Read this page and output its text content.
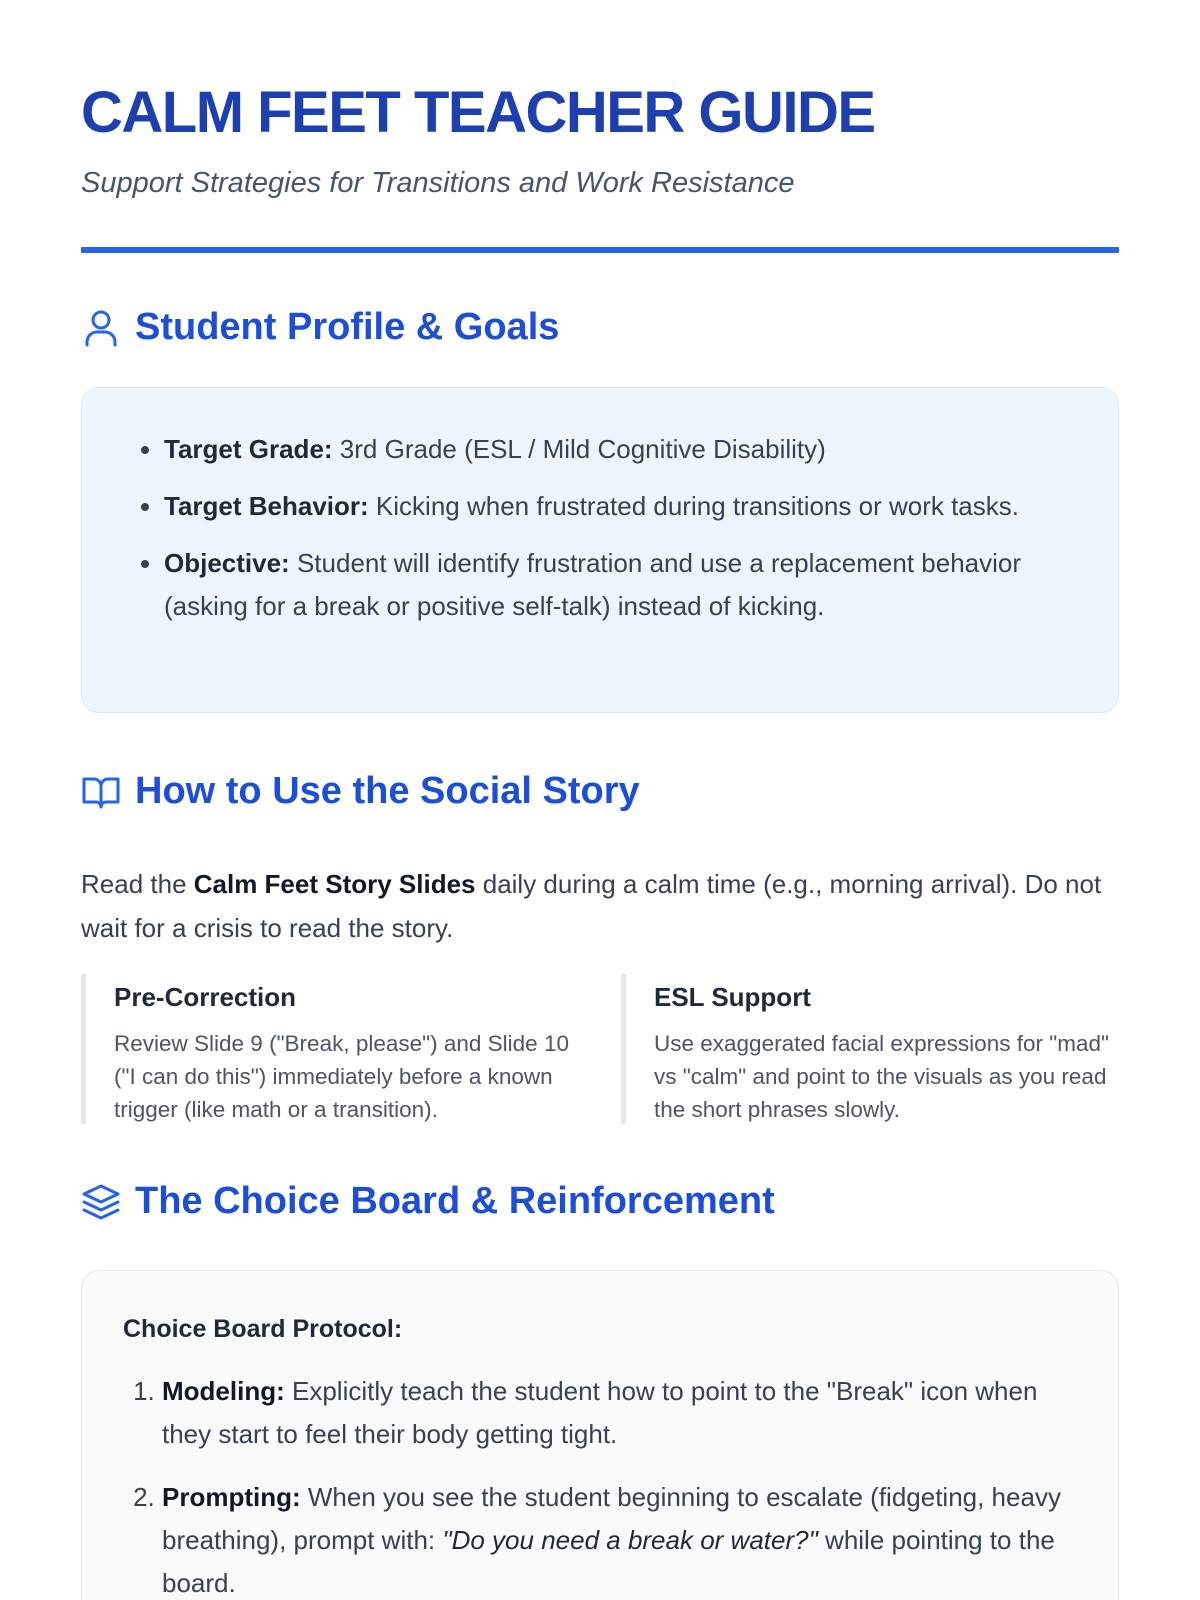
CALM FEET TEACHER GUIDE
Support Strategies for Transitions and Work Resistance
Student Profile & Goals
• Target Grade: 3rd Grade (ESL / Mild Cognitive Disability)
• Target Behavior: Kicking when frustrated during transitions or work tasks.
• Objective: Student will identify frustration and use a replacement behavior (asking for a break or positive self-talk) instead of kicking.
How to Use the Social Story

Read the Calm Feet Story Slides daily during a calm time (e.g., morning arrival). Do not wait for a crisis to read the story.

Pre-Correction

Review Slide 9 ("Break, please") and Slide 10 ("I can do this") immediately before a known trigger (like math or a transition).

ESL Support

Use exaggerated facial expressions for "mad" vs "calm" and point to the visuals as you read the short phrases slowly.

The Choice Board & Reinforcement
Choice Board Protocol:
1. Modeling: Explicitly teach the student how to point to the "Break" icon when they start to feel their body getting tight.
2. Prompting: When you see the student beginning to escalate (fidgeting, heavy breathing), prompt with: "Do you need a break or water?" while pointing to the board.
